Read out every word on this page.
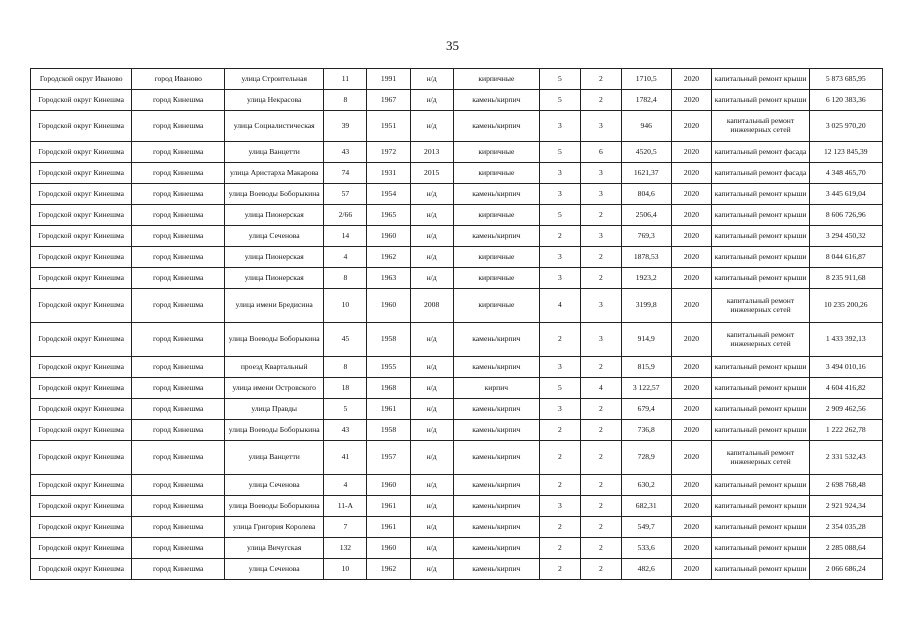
35
Городской округ Иваново	город Иваново	улица Строительная	11	1991	н/д	кирпичные	5	2	1710,5	2020	капитальный ремонт крыши	5 873 685,95
Городской округ Кинешма	город Кинешма	улица Некрасова	8	1967	н/д	камень/кирпич	5	2	1782,4	2020	капитальный ремонт крыши	6 120 383,36
Городской округ Кинешма	город Кинешма	улица Социалистическая	39	1951	н/д	камень/кирпич	3	3	946	2020	капитальный ремонт инженерных сетей	3 025 970,20
Городской округ Кинешма	город Кинешма	улица Ванцетти	43	1972	2013	кирпичные	5	6	4520,5	2020	капитальный ремонт фасада	12 123 845,39
Городской округ Кинешма	город Кинешма	улица Аристарха Макарова	74	1931	2015	кирпичные	3	3	1621,37	2020	капитальный ремонт фасада	4 348 465,70
Городской округ Кинешма	город Кинешма	улица Воеводы Боборыкина	57	1954	н/д	камень/кирпич	3	3	804,6	2020	капитальный ремонт крыши	3 445 619,04
Городской округ Кинешма	город Кинешма	улица Пионерская	2/66	1965	н/д	кирпичные	5	2	2506,4	2020	капитальный ремонт крыши	8 606 726,96
Городской округ Кинешма	город Кинешма	улица Сеченова	14	1960	н/д	камень/кирпич	2	3	769,3	2020	капитальный ремонт крыши	3 294 450,32
Городской округ Кинешма	город Кинешма	улица Пионерская	4	1962	н/д	кирпичные	3	2	1878,53	2020	капитальный ремонт крыши	8 044 616,87
Городской округ Кинешма	город Кинешма	улица Пионерская	8	1963	н/д	кирпичные	3	2	1923,2	2020	капитальный ремонт крыши	8 235 911,68
Городской округ Кинешма	город Кинешма	улица имени Бредисина	10	1960	2008	кирпичные	4	3	3199,8	2020	капитальный ремонт инженерных сетей	10 235 200,26
Городской округ Кинешма	город Кинешма	улица Воеводы Боборыкина	45	1958	н/д	камень/кирпич	2	3	914,9	2020	капитальный ремонт инженерных сетей	1 433 392,13
Городской округ Кинешма	город Кинешма	проезд Квартальный	8	1955	н/д	камень/кирпич	3	2	815,9	2020	капитальный ремонт крыши	3 494 010,16
Городской округ Кинешма	город Кинешма	улица имени Островского	18	1968	н/д	кирпич	5	4	3 122,57	2020	капитальный ремонт крыши	4 604 416,82
Городской округ Кинешма	город Кинешма	улица Правды	5	1961	н/д	камень/кирпич	3	2	679,4	2020	капитальный ремонт крыши	2 909 462,56
Городской округ Кинешма	город Кинешма	улица Воеводы Боборыкина	43	1958	н/д	камень/кирпич	2	2	736,8	2020	капитальный ремонт крыши	1 222 262,78
Городской округ Кинешма	город Кинешма	улица Ванцетти	41	1957	н/д	камень/кирпич	2	2	728,9	2020	капитальный ремонт инженерных сетей	2 331 532,43
Городской округ Кинешма	город Кинешма	улица Сеченова	4	1960	н/д	камень/кирпич	2	2	630,2	2020	капитальный ремонт крыши	2 698 768,48
Городской округ Кинешма	город Кинешма	улица Воеводы Боборыкина	11-А	1961	н/д	камень/кирпич	3	2	682,31	2020	капитальный ремонт крыши	2 921 924,34
Городской округ Кинешма	город Кинешма	улица Григория Королева	7	1961	н/д	камень/кирпич	2	2	549,7	2020	капитальный ремонт крыши	2 354 035,28
Городской округ Кинешма	город Кинешма	улица Вичугская	132	1960	н/д	камень/кирпич	2	2	533,6	2020	капитальный ремонт крыши	2 285 088,64
Городской округ Кинешма	город Кинешма	улица Сеченова	10	1962	н/д	камень/кирпич	2	2	482,6	2020	капитальный ремонт крыши	2 066 686,24
